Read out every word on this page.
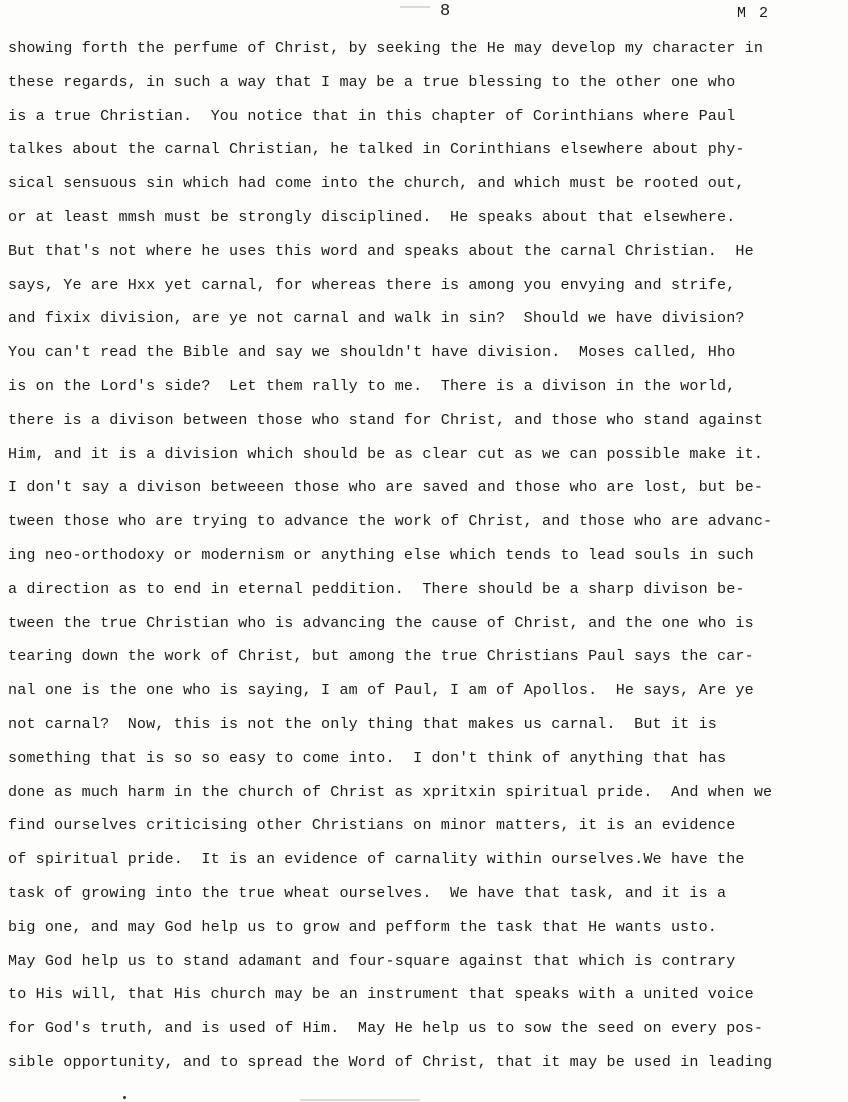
8	M 2
showing forth the perfume of Christ, by seeking the He may develop my character in
these regards, in such a way that I may be a true blessing to the other one who
is a true Christian.  You notice that in this chapter of Corinthians where Paul
talkes about the carnal Christian, he talked in Corinthians elsewhere about phy-
sical sensuous sin which had come into the church, and which must be rooted out,
or at least mmsh must be strongly disciplined.  He speaks about that elsewhere.
But that's not where he uses this word and speaks about the carnal Christian.  He
says, Ye are Hxx yet carnal, for whereas there is among you envying and strife,
and fixix division, are ye not carnal and walk in sin?  Should we have division?
You can't read the Bible and say we shouldn't have division.  Moses called, Hho
is on the Lord's side?  Let them rally to me.  There is a divison in the world,
there is a divison between those who stand for Christ, and those who stand against
Him, and it is a division which should be as clear cut as we can possible make it.
I don't say a divison betweeen those who are saved and those who are lost, but be-
tween those who are trying to advance the work of Christ, and those who are advanc-
ing neo-orthodoxy or modernism or anything else which tends to lead souls in such
a direction as to end in eternal peddition.  There should be a sharp divison be-
tween the true Christian who is advancing the cause of Christ, and the one who is
tearing down the work of Christ, but among the true Christians Paul says the car-
nal one is the one who is saying, I am of Paul, I am of Apollos.  He says, Are ye
not carnal?  Now, this is not the only thing that makes us carnal.  But it is
something that is so so easy to come into.  I don't think of anything that has
done as much harm in the church of Christ as xpritxin spiritual pride.  And when we
find ourselves criticising other Christians on minor matters, it is an evidence
of spiritual pride.  It is an evidence of carnality within ourselves.We have the
task of growing into the true wheat ourselves.  We have that task, and it is a
big one, and may God help us to grow and pefform the task that He wants usto.
May God help us to stand adamant and four-square against that which is contrary
to His will, that His church may be an instrument that speaks with a united voice
for God's truth, and is used of Him.  May He help us to sow the seed on every pos-
sible opportunity, and to spread the Word of Christ, that it may be used in leading
